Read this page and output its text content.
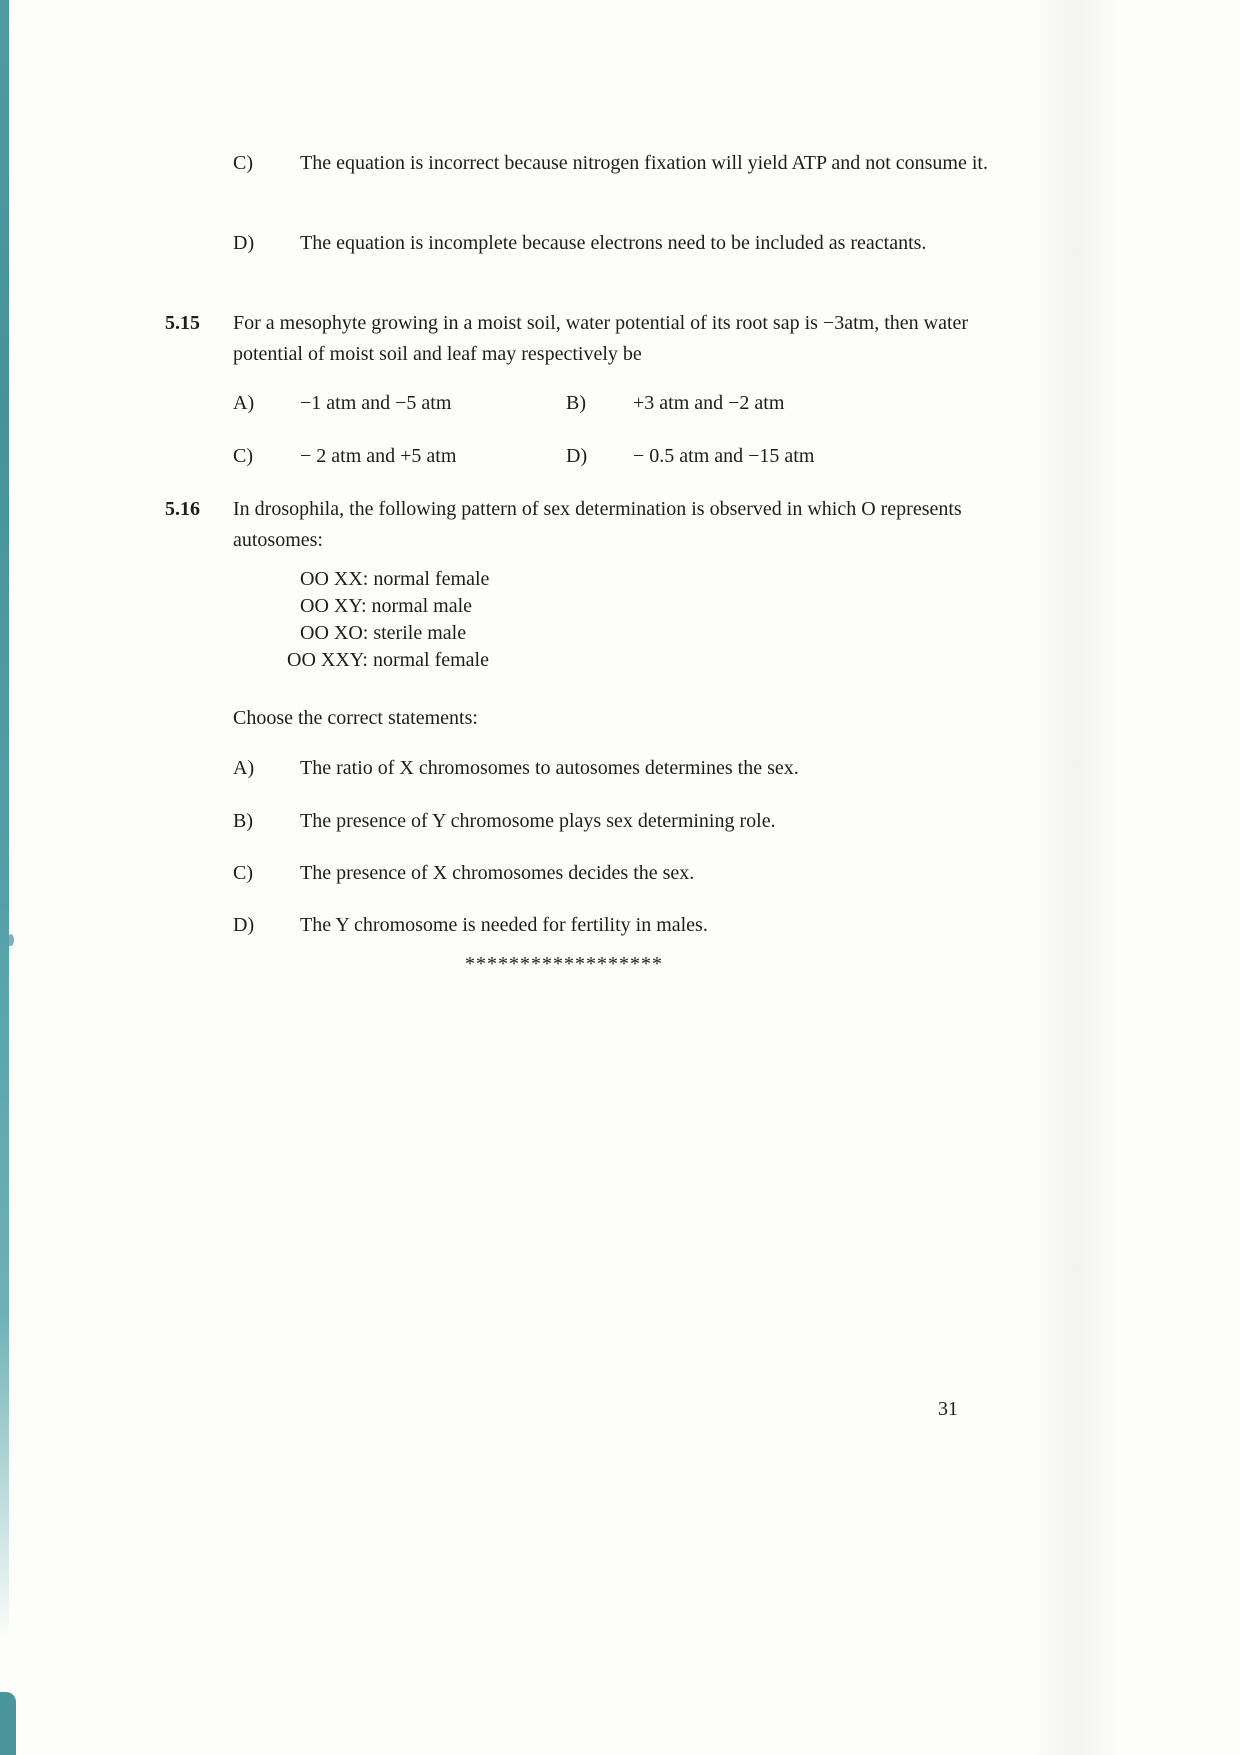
C)	The equation is incorrect because nitrogen fixation will yield ATP and not consume it.
D)	The equation is incomplete because electrons need to be included as reactants.
5.15	For a mesophyte growing in a moist soil, water potential of its root sap is −3atm, then water potential of moist soil and leaf may respectively be
A)	−1 atm and −5 atm	B)	+3 atm and −2 atm
C)	− 2 atm and +5 atm	D)	− 0.5 atm and −15 atm
5.16	In drosophila, the following pattern of sex determination is observed in which O represents autosomes:
OO XX: normal female
OO XY: normal male
OO XO: sterile male
OO XXY: normal female
Choose the correct statements:
A)	The ratio of X chromosomes to autosomes determines the sex.
B)	The presence of Y chromosome plays sex determining role.
C)	The presence of X chromosomes decides the sex.
D)	The Y chromosome is needed for fertility in males.
******************
31
